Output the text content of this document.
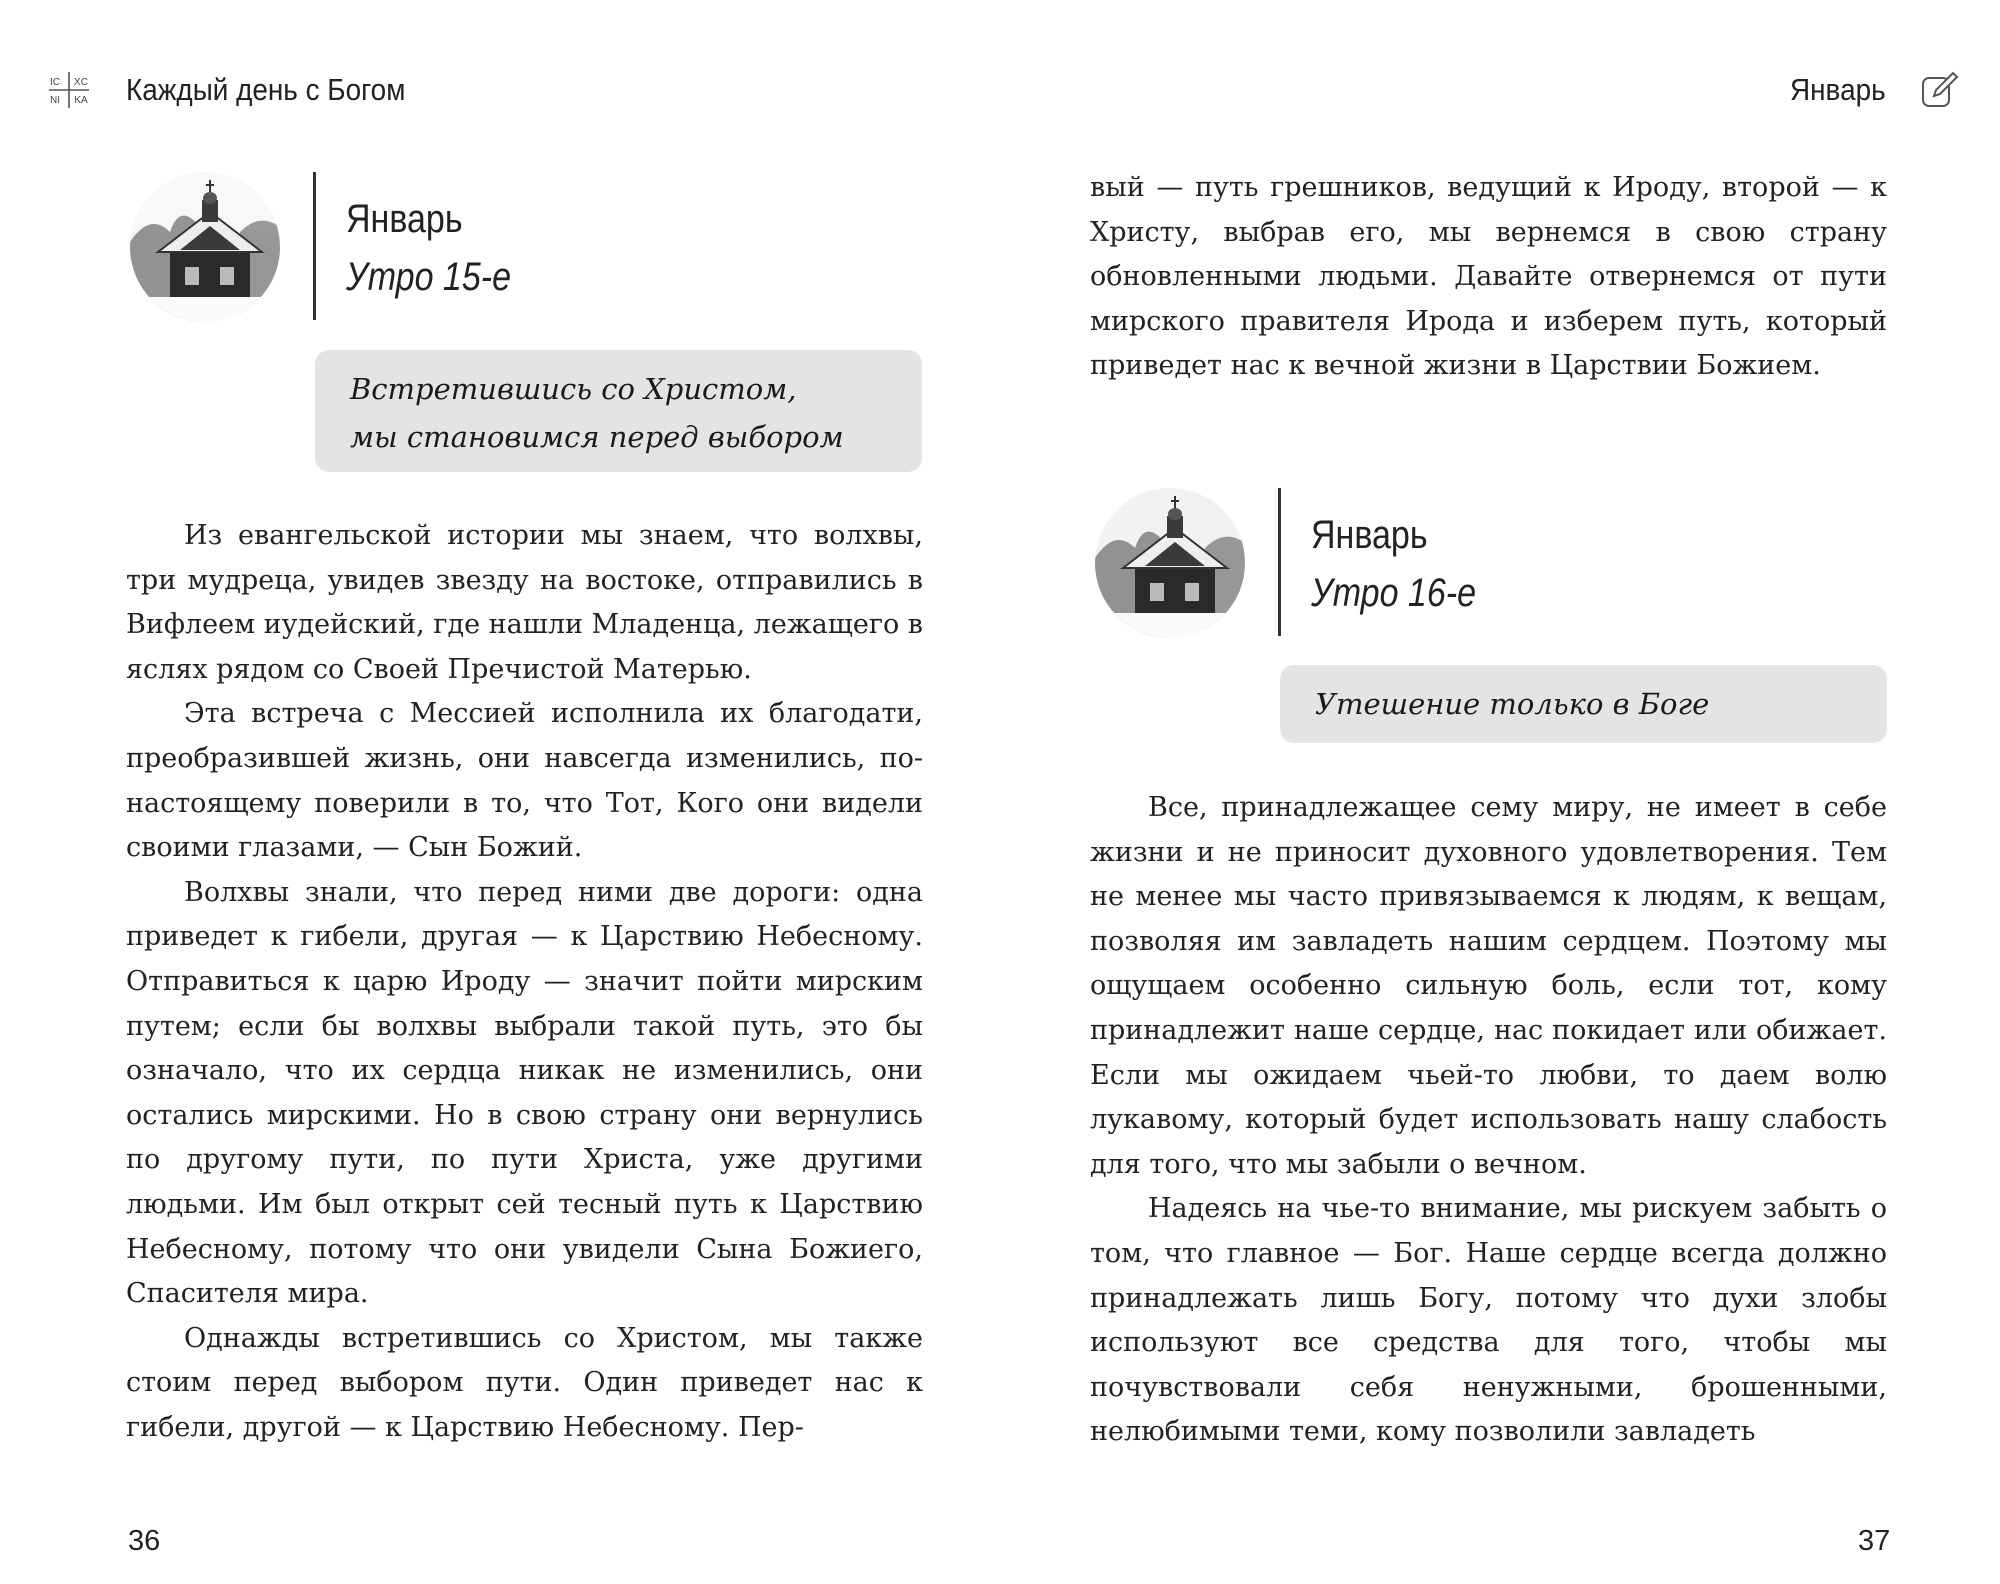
IC XC
NI KA Каждый день с Богом
Январь
Утро 15-е
Встретившись со Христом,
мы становимся перед выбором

Из евангельской истории мы знаем, что волхвы, три мудреца, увидев звезду на востоке, отправились в Вифлеем иудейский, где нашли Младенца, лежащего в яслях рядом со Своей Пречистой Матерью.

Эта встреча с Мессией исполнила их благодати, преобразившей жизнь, они навсегда изменились, по-настоящему поверили в то, что Тот, Кого они видели своими глазами, — Сын Божий.

Волхвы знали, что перед ними две дороги: одна приведет к гибели, другая — к Царствию Небесному. Отправиться к царю Ироду — значит пойти мирским путем; если бы волхвы выбрали такой путь, это бы означало, что их сердца никак не изменились, они остались мирскими. Но в свою страну они вернулись по другому пути, по пути Христа, уже другими людьми. Им был открыт сей тесный путь к Царствию Небесному, потому что они увидели Сына Божиего, Спасителя мира.

Однажды встретившись со Христом, мы также стоим перед выбором пути. Один приведет нас к гибели, другой — к Царствию Небесному. Пер-

36
Январь

вый — путь грешников, ведущий к Ироду, второй — к Христу, выбрав его, мы вернемся в свою страну обновленными людьми. Давайте отвернемся от пути мирского правителя Ирода и изберем путь, который приведет нас к вечной жизни в Царствии Божием.

Январь
Утро 16-е
Утешение только в Боге

Все, принадлежащее сему миру, не имеет в себе жизни и не приносит духовного удовлетворения. Тем не менее мы часто привязываемся к людям, к вещам, позволяя им завладеть нашим сердцем. Поэтому мы ощущаем особенно сильную боль, если тот, кому принадлежит наше сердце, нас покидает или обижает. Если мы ожидаем чьей-то любви, то даем волю лукавому, который будет использовать нашу слабость для того, что мы забыли о вечном.

Надеясь на чье-то внимание, мы рискуем забыть о том, что главное — Бог. Наше сердце всегда должно принадлежать лишь Богу, потому что духи злобы используют все средства для того, чтобы мы почувствовали себя ненужными, брошенными, нелюбимыми теми, кому позволили завладеть

37
